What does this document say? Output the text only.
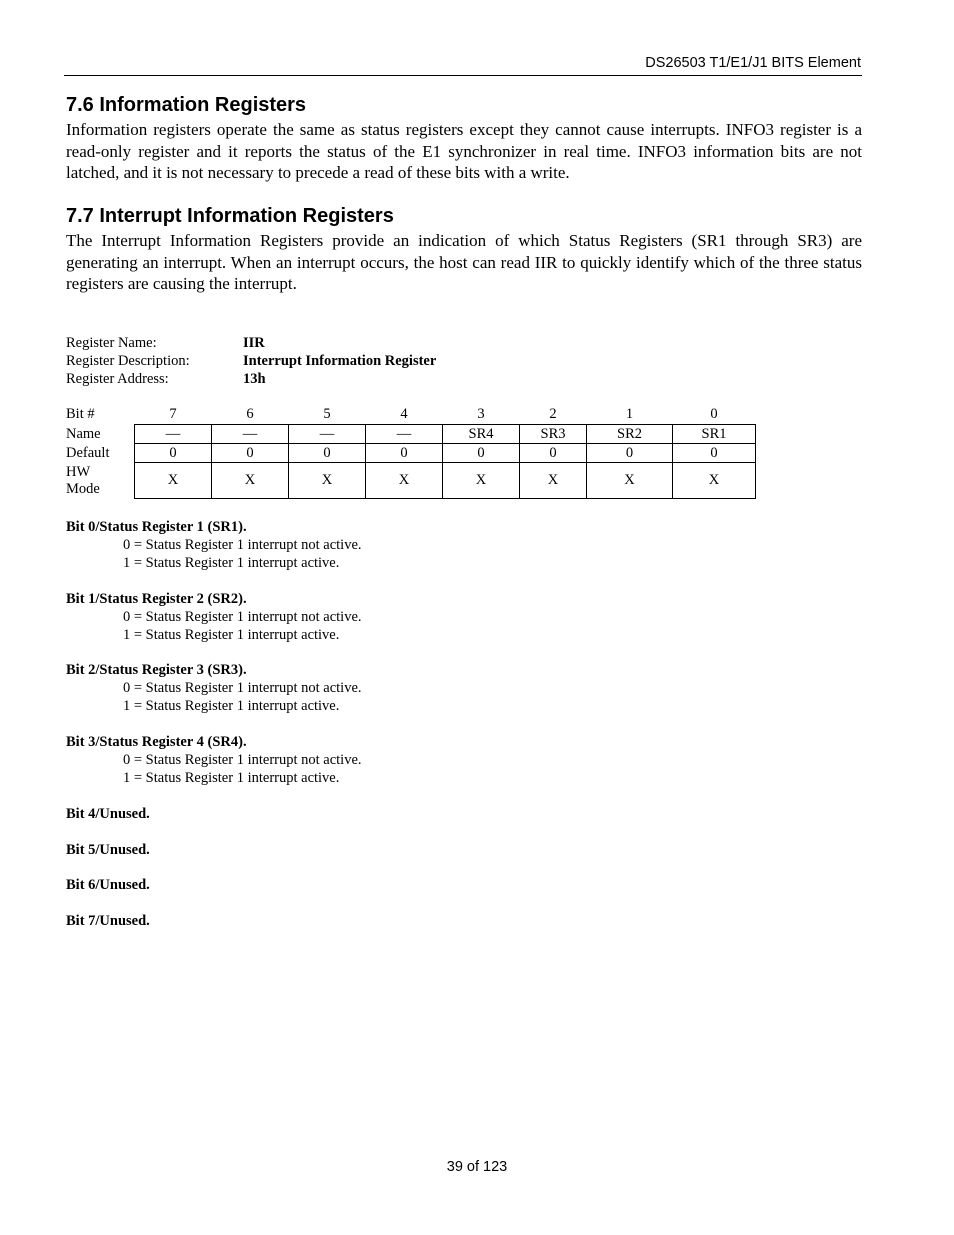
DS26503 T1/E1/J1 BITS Element
7.6 Information Registers

Information registers operate the same as status registers except they cannot cause interrupts. INFO3 register is a read-only register and it reports the status of the E1 synchronizer in real time. INFO3 information bits are not latched, and it is not necessary to precede a read of these bits with a write.

7.7 Interrupt Information Registers

The Interrupt Information Registers provide an indication of which Status Registers (SR1 through SR3) are generating an interrupt. When an interrupt occurs, the host can read IIR to quickly identify which of the three status registers are causing the interrupt.

Register Name:	IIR
Register Description:	Interrupt Information Register
Register Address:	13h
Bit #	7	6	5	4	3	2	1	0
Name	—	—	—	—	SR4	SR3	SR2	SR1
Default	0	0	0	0	0	0	0	0
HW Mode	X	X	X	X	X	X	X	X
Bit 0/Status Register 1 (SR1).
0 = Status Register 1 interrupt not active.
1 = Status Register 1 interrupt active.
Bit 1/Status Register 2 (SR2).
0 = Status Register 1 interrupt not active.
1 = Status Register 1 interrupt active.
Bit 2/Status Register 3 (SR3).
0 = Status Register 1 interrupt not active.
1 = Status Register 1 interrupt active.
Bit 3/Status Register 4 (SR4).
0 = Status Register 1 interrupt not active.
1 = Status Register 1 interrupt active.
Bit 4/Unused.
Bit 5/Unused.
Bit 6/Unused.
Bit 7/Unused.
39 of 123
